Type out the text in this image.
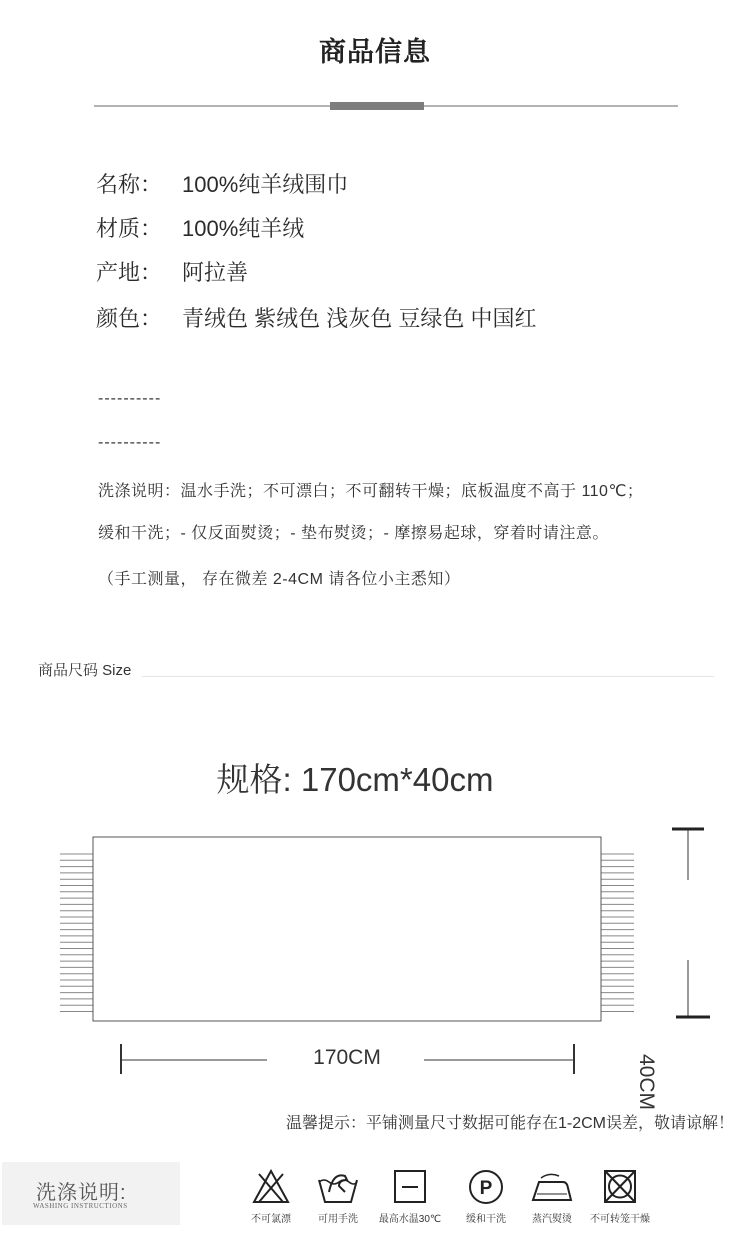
商品信息
名称： 100%纯羊绒围巾
材质： 100%纯羊绒
产地： 阿拉善
颜色： 青绒色 紫绒色 浅灰色 豆绿色 中国红
----------
----------
洗涤说明：温水手洗；不可漂白；不可翻转干燥；底板温度不高于 110℃；
缓和干洗；- 仅反面熨烫；- 垫布熨烫；- 摩擦易起球，穿着时请注意。
（手工测量， 存在微差 2-4CM 请各位小主悉知）
商品尺码 Size
规格: 170cm*40cm
170CM	40CM
温馨提示：平铺测量尺寸数据可能存在1-2CM误差，敬请谅解！
洗涤说明:
WASHING INSTRUCTIONS
不可氯漂	可用手洗	最高水温30℃
P
缓和干洗	蒸汽熨烫	不可转笼干燥
